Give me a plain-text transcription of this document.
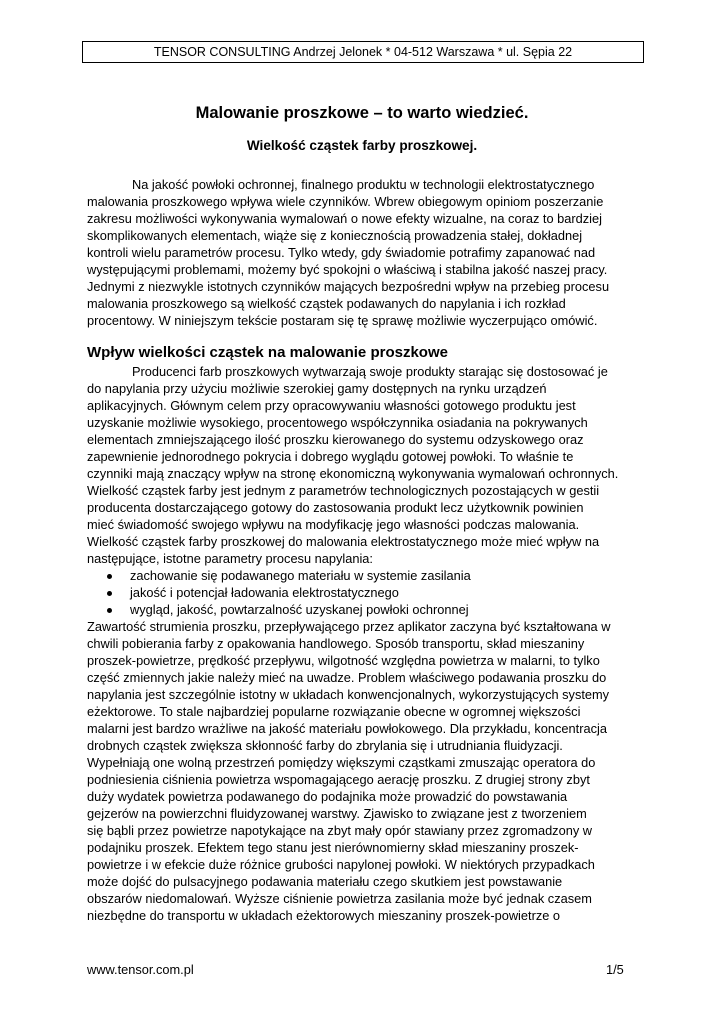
TENSOR CONSULTING Andrzej Jelonek * 04-512 Warszawa * ul. Sępia 22
Malowanie proszkowe – to warto wiedzieć.
Wielkość cząstek farby proszkowej.
Na jakość powłoki ochronnej, finalnego produktu w technologii elektrostatycznego
malowania proszkowego wpływa wiele czynników. Wbrew obiegowym opiniom poszerzanie
zakresu możliwości wykonywania wymalowań o nowe efekty wizualne, na coraz to bardziej
skomplikowanych elementach, wiąże się z koniecznością prowadzenia stałej, dokładnej
kontroli wielu parametrów procesu. Tylko wtedy, gdy świadomie potrafimy zapanować nad
występującymi problemami, możemy być spokojni o właściwą i stabilna jakość naszej pracy.
Jednymi z niezwykle istotnych czynników mających bezpośredni wpływ na przebieg procesu
malowania proszkowego są wielkość cząstek podawanych do napylania i ich rozkład
procentowy. W niniejszym tekście postaram się tę sprawę możliwie wyczerpująco omówić.
Wpływ wielkości cząstek na malowanie proszkowe
Producenci farb proszkowych wytwarzają swoje produkty starając się dostosować je
do napylania przy użyciu możliwie szerokiej gamy dostępnych na rynku urządzeń
aplikacyjnych. Głównym celem przy opracowywaniu własności gotowego produktu jest
uzyskanie możliwie wysokiego, procentowego współczynnika osiadania na pokrywanych
elementach zmniejszającego ilość proszku kierowanego do systemu odzyskowego oraz
zapewnienie jednorodnego pokrycia i dobrego wyglądu gotowej powłoki. To właśnie te
czynniki mają znaczący wpływ na stronę ekonomiczną wykonywania wymalowań ochronnych.
Wielkość cząstek farby jest jednym z parametrów technologicznych pozostających w gestii
producenta dostarczającego gotowy do zastosowania produkt lecz użytkownik powinien
mieć świadomość swojego wpływu na modyfikację jego własności podczas malowania.
Wielkość cząstek farby proszkowej do malowania elektrostatycznego może mieć wpływ na
następujące, istotne parametry procesu napylania:
zachowanie się podawanego materiału w systemie zasilania
jakość i potencjał ładowania elektrostatycznego
wygląd, jakość, powtarzalność uzyskanej powłoki ochronnej
Zawartość strumienia proszku, przepływającego przez aplikator zaczyna być kształtowana w
chwili pobierania farby z opakowania handlowego. Sposób transportu, skład mieszaniny
proszek-powietrze, prędkość przepływu, wilgotność względna powietrza w malarni, to tylko
część zmiennych jakie należy mieć na uwadze. Problem właściwego podawania proszku do
napylania jest szczególnie istotny w układach konwencjonalnych, wykorzystujących systemy
eżektorowe. To stale najbardziej popularne rozwiązanie obecne w ogromnej większości
malarni jest bardzo wrażliwe na jakość materiału powłokowego. Dla przykładu, koncentracja
drobnych cząstek zwiększa skłonność farby do zbrylania się i utrudniania fluidyzacji.
Wypełniają one wolną przestrzeń pomiędzy większymi cząstkami zmuszając operatora do
podniesienia ciśnienia powietrza wspomagającego aerację proszku. Z drugiej strony zbyt
duży wydatek powietrza podawanego do podajnika może prowadzić do powstawania
gejzerów na powierzchni fluidyzowanej warstwy. Zjawisko to związane jest z tworzeniem
się bąbli przez powietrze napotykające na zbyt mały opór stawiany przez zgromadzony w
podajniku proszek. Efektem tego stanu jest nierównomierny skład mieszaniny proszek-
powietrze i w efekcie duże różnice grubości napylonej powłoki. W niektórych przypadkach
może dojść do pulsacyjnego podawania materiału czego skutkiem jest powstawanie
obszarów niedomalowań. Wyższe ciśnienie powietrza zasilania może być jednak czasem
niezbędne do transportu w układach eżektorowych mieszaniny proszek-powietrze o
www.tensor.com.pl	1/5
